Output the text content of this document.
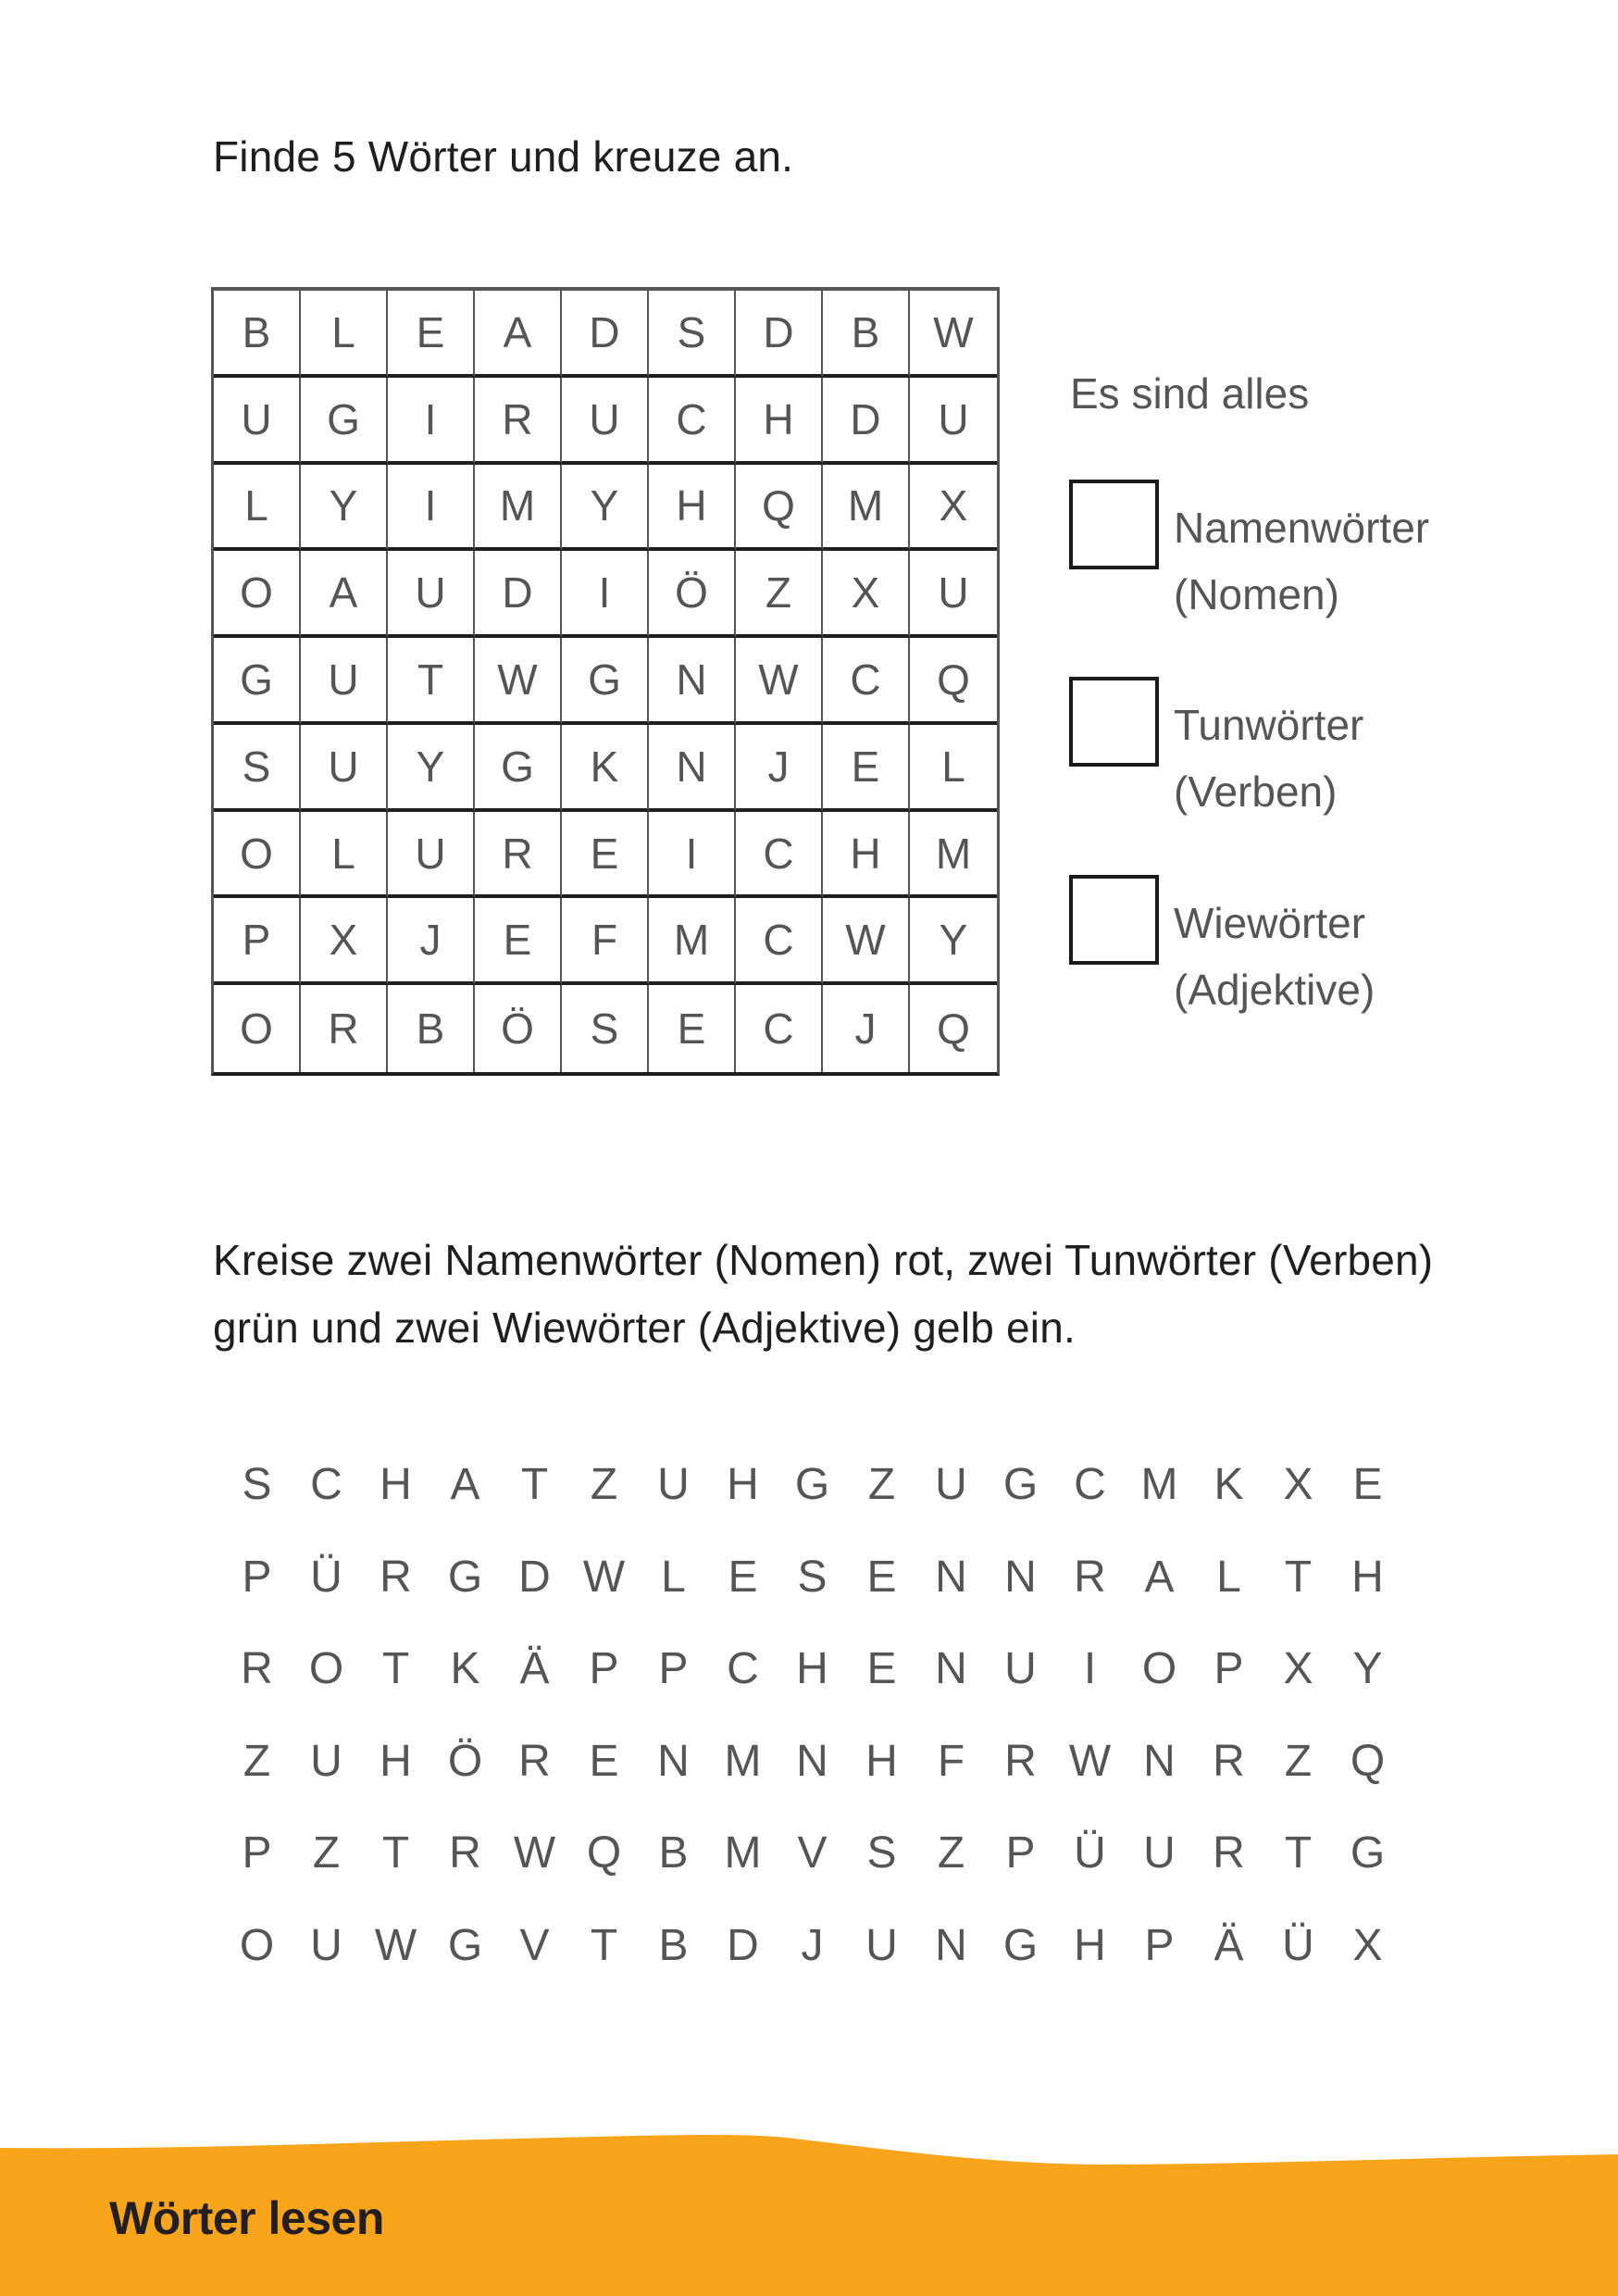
Finde 5 Wörter und kreuze an.

B	L	E	A	D	S	D	B	W
U	G	I	R	U	C	H	D	U
L	Y	I	M	Y	H	Q	M	X
O	A	U	D	I	Ö	Z	X	U
G	U	T	W	G	N	W	C	Q
S	U	Y	G	K	N	J	E	L
O	L	U	R	E	I	C	H	M
P	X	J	E	F	M	C	W	Y
O	R	B	Ö	S	E	C	J	Q

Es sind alles

Namenwörter
(Nomen)
Tunwörter
(Verben)
Wiewörter
(Adjektive)

Kreise zwei Namenwörter (Nomen) rot, zwei Tunwörter (Verben) grün und zwei Wiewörter (Adjektive) gelb ein.

S C H A T Z U H G Z U G C M K X E
P Ü R G D W L E S E N N R A L T H
R O T K Ä P P C H E N U	I	O P X Y
Z U H Ö R E N M N H F R W N R Z Q
P Z T R W Q B M V S Z P Ü U R T G
O U W G V T B D J U N G H P Ä Ü X

Wörter lesen
